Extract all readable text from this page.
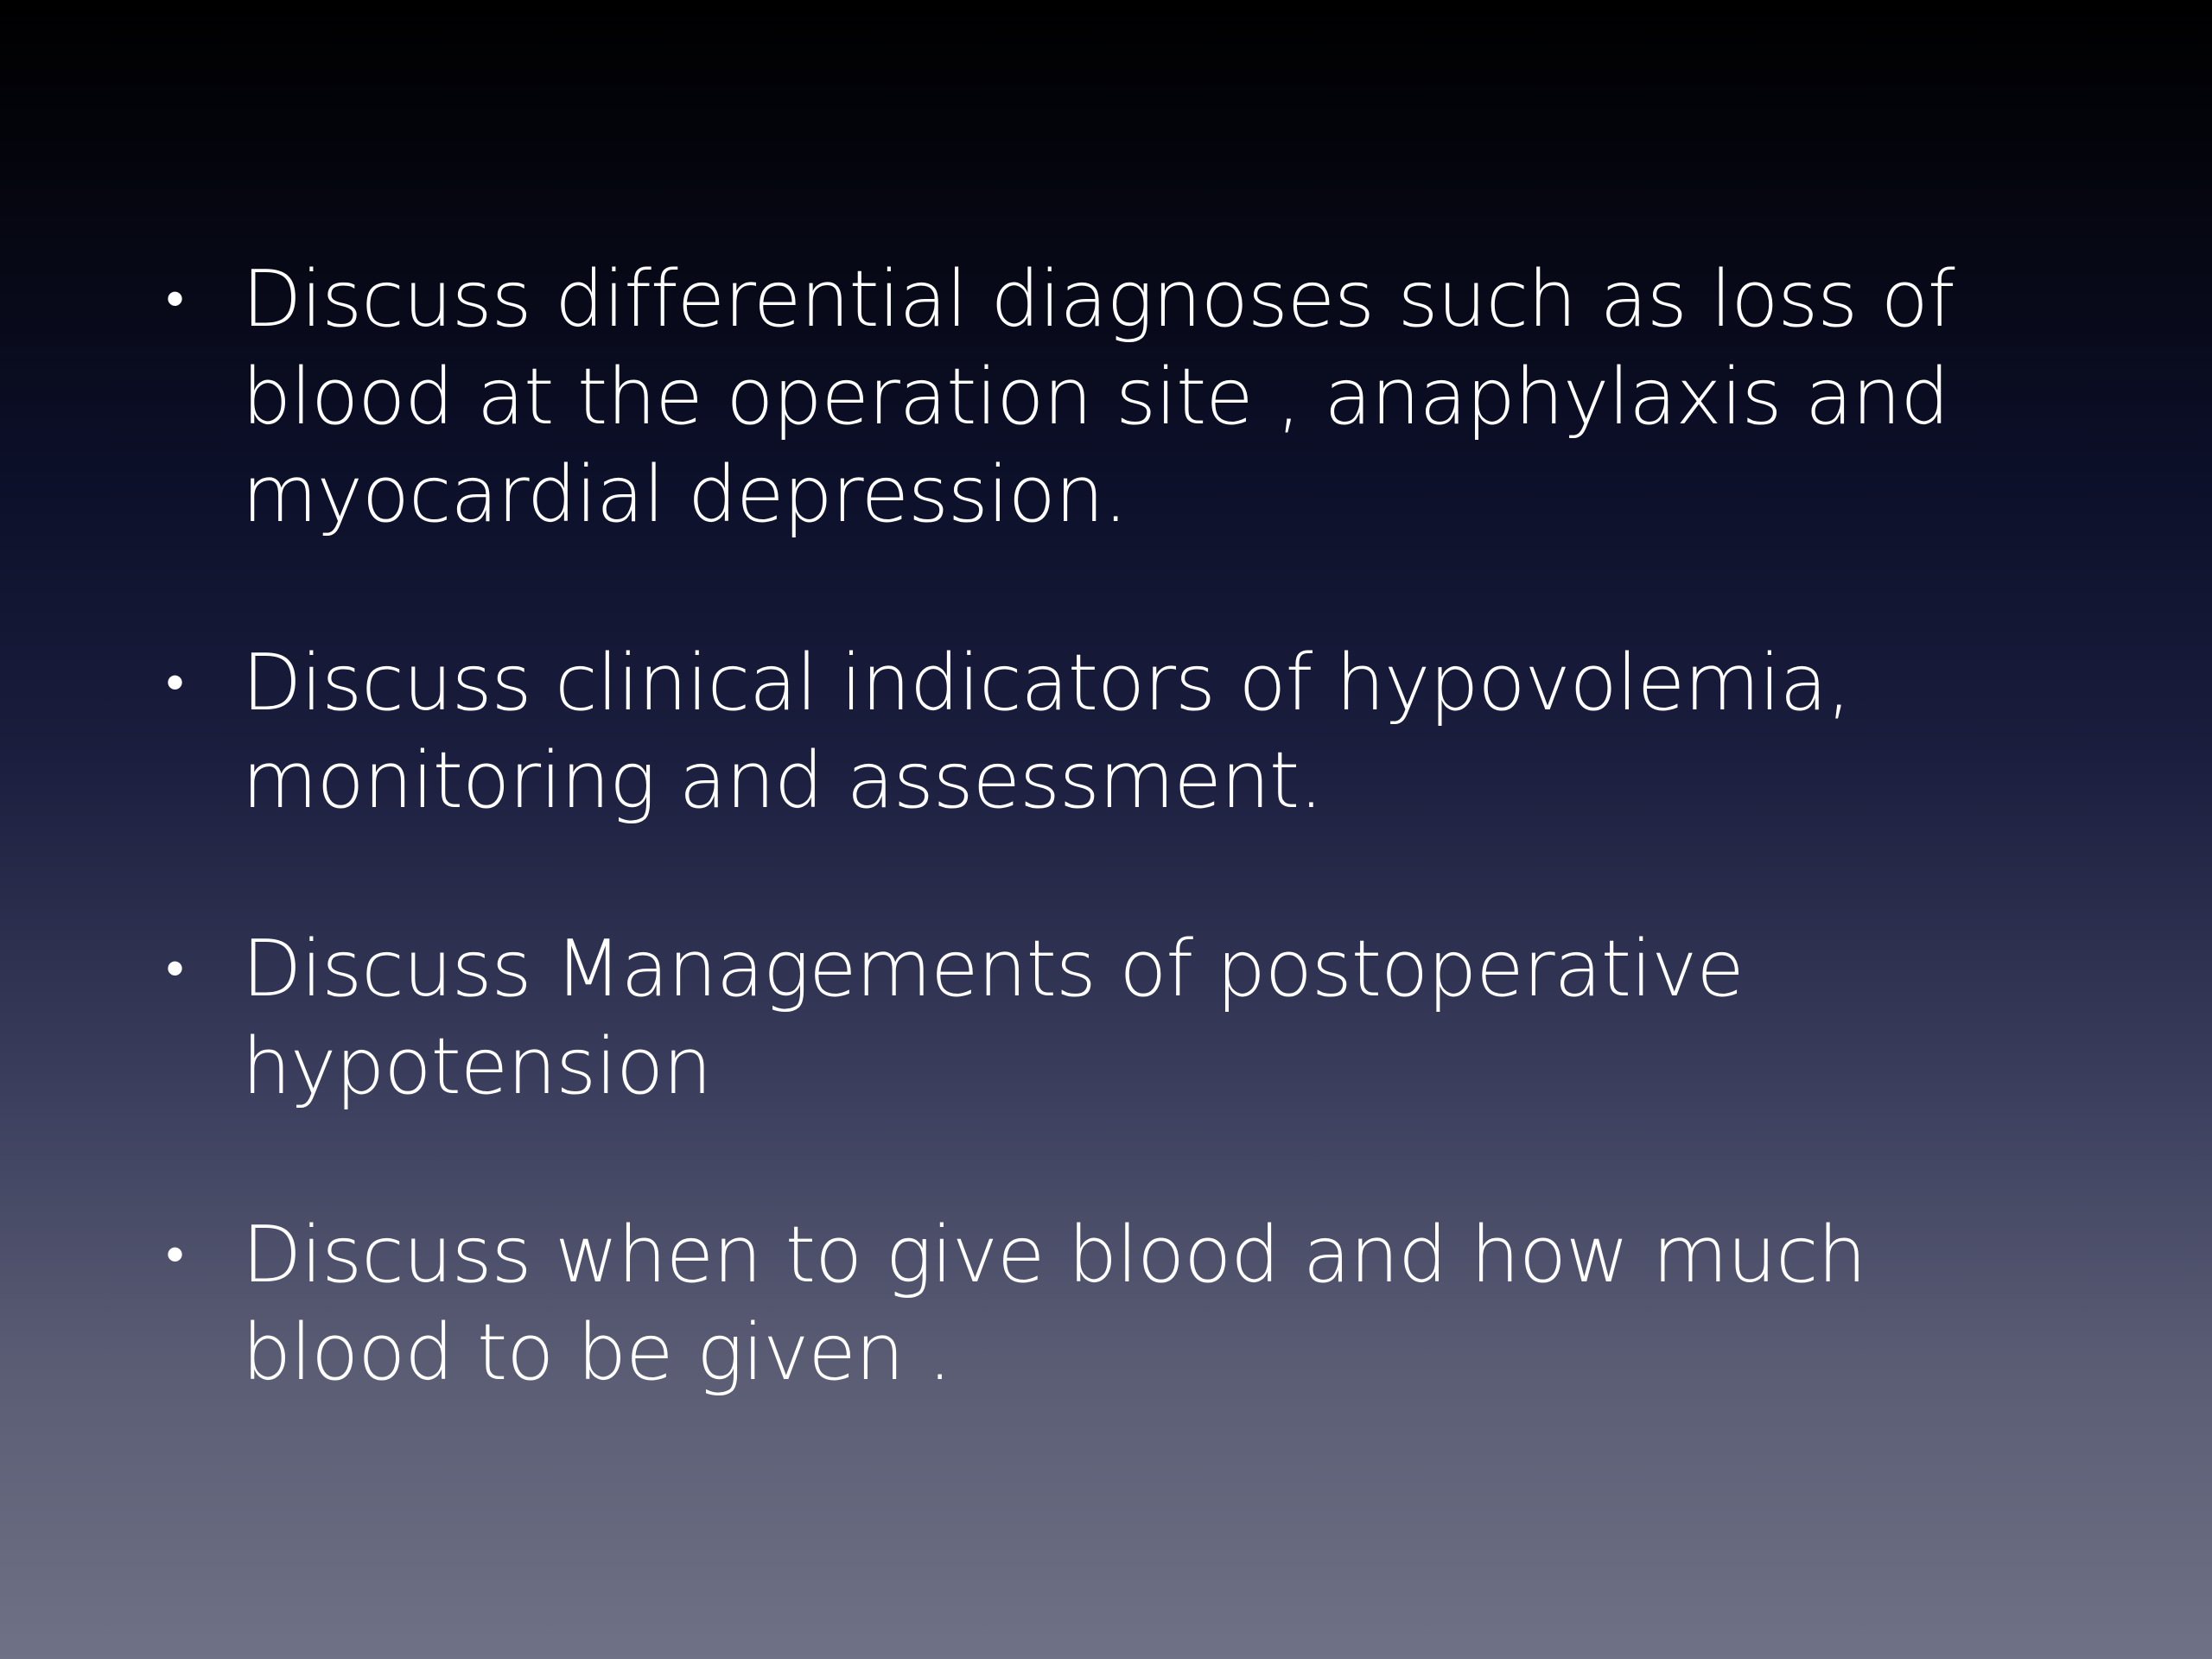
• Discuss differential diagnoses such as loss of blood at the operation site , anaphylaxis and myocardial depression.
• Discuss clinical indicators of hypovolemia, monitoring and assessment.
• Discuss Managements of postoperative hypotension
• Discuss when to give blood and how much blood to be given .
